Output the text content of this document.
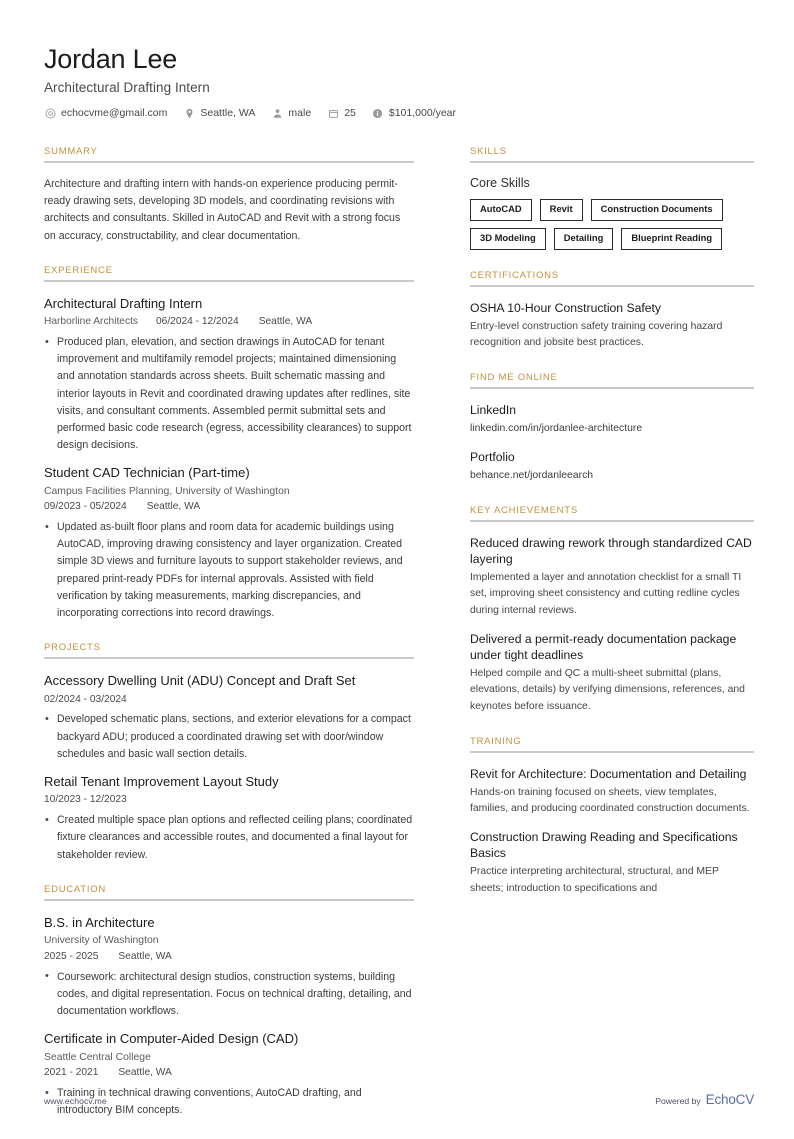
Jordan Lee
Architectural Drafting Intern
echocvme@gmail.com	Seattle, WA	male	25	$101,000/year
SUMMARY
Architecture and drafting intern with hands-on experience producing permit-ready drawing sets, developing 3D models, and coordinating revisions with architects and consultants. Skilled in AutoCAD and Revit with a strong focus on accuracy, constructability, and clear documentation.
EXPERIENCE
Architectural Drafting Intern
Harborline Architects 06/2024 - 12/2024 Seattle, WA
• Produced plan, elevation, and section drawings in AutoCAD for tenant improvement and multifamily remodel projects; maintained dimensioning and annotation standards across sheets. Built schematic massing and interior layouts in Revit and coordinated drawing updates after redlines, site visits, and consultant comments. Assembled permit submittal sets and performed basic code research (egress, accessibility clearances) to support design decisions.
Student CAD Technician (Part-time)
Campus Facilities Planning, University of Washington
09/2023 - 05/2024 Seattle, WA
• Updated as-built floor plans and room data for academic buildings using AutoCAD, improving drawing consistency and layer organization. Created simple 3D views and furniture layouts to support stakeholder reviews, and prepared print-ready PDFs for internal approvals. Assisted with field verification by taking measurements, marking discrepancies, and incorporating corrections into record drawings.
PROJECTS
Accessory Dwelling Unit (ADU) Concept and Draft Set
02/2024 - 03/2024
• Developed schematic plans, sections, and exterior elevations for a compact backyard ADU; produced a coordinated drawing set with door/window schedules and basic wall section details.
Retail Tenant Improvement Layout Study
10/2023 - 12/2023
• Created multiple space plan options and reflected ceiling plans; coordinated fixture clearances and accessible routes, and documented a final layout for stakeholder review.
EDUCATION
B.S. in Architecture
University of Washington
2025 - 2025 Seattle, WA
• Coursework: architectural design studios, construction systems, building codes, and digital representation. Focus on technical drafting, detailing, and documentation workflows.
Certificate in Computer-Aided Design (CAD)
Seattle Central College
2021 - 2021 Seattle, WA
• Training in technical drawing conventions, AutoCAD drafting, and introductory BIM concepts.
SKILLS
Core Skills
AutoCAD	Revit	Construction Documents
3D Modeling	Detailing	Blueprint Reading
CERTIFICATIONS
OSHA 10-Hour Construction Safety
Entry-level construction safety training covering hazard recognition and jobsite best practices.
FIND ME ONLINE
LinkedIn
linkedin.com/in/jordanlee-architecture
Portfolio
behance.net/jordanleearch
KEY ACHIEVEMENTS
Reduced drawing rework through standardized CAD layering
Implemented a layer and annotation checklist for a small TI set, improving sheet consistency and cutting redline cycles during internal reviews.
Delivered a permit-ready documentation package under tight deadlines
Helped compile and QC a multi-sheet submittal (plans, elevations, details) by verifying dimensions, references, and keynotes before issuance.
TRAINING
Revit for Architecture: Documentation and Detailing
Hands-on training focused on sheets, view templates, families, and producing coordinated construction documents.
Construction Drawing Reading and Specifications Basics
Practice interpreting architectural, structural, and MEP sheets; introduction to specifications and
www.echocv.me	Powered by EchoCV
